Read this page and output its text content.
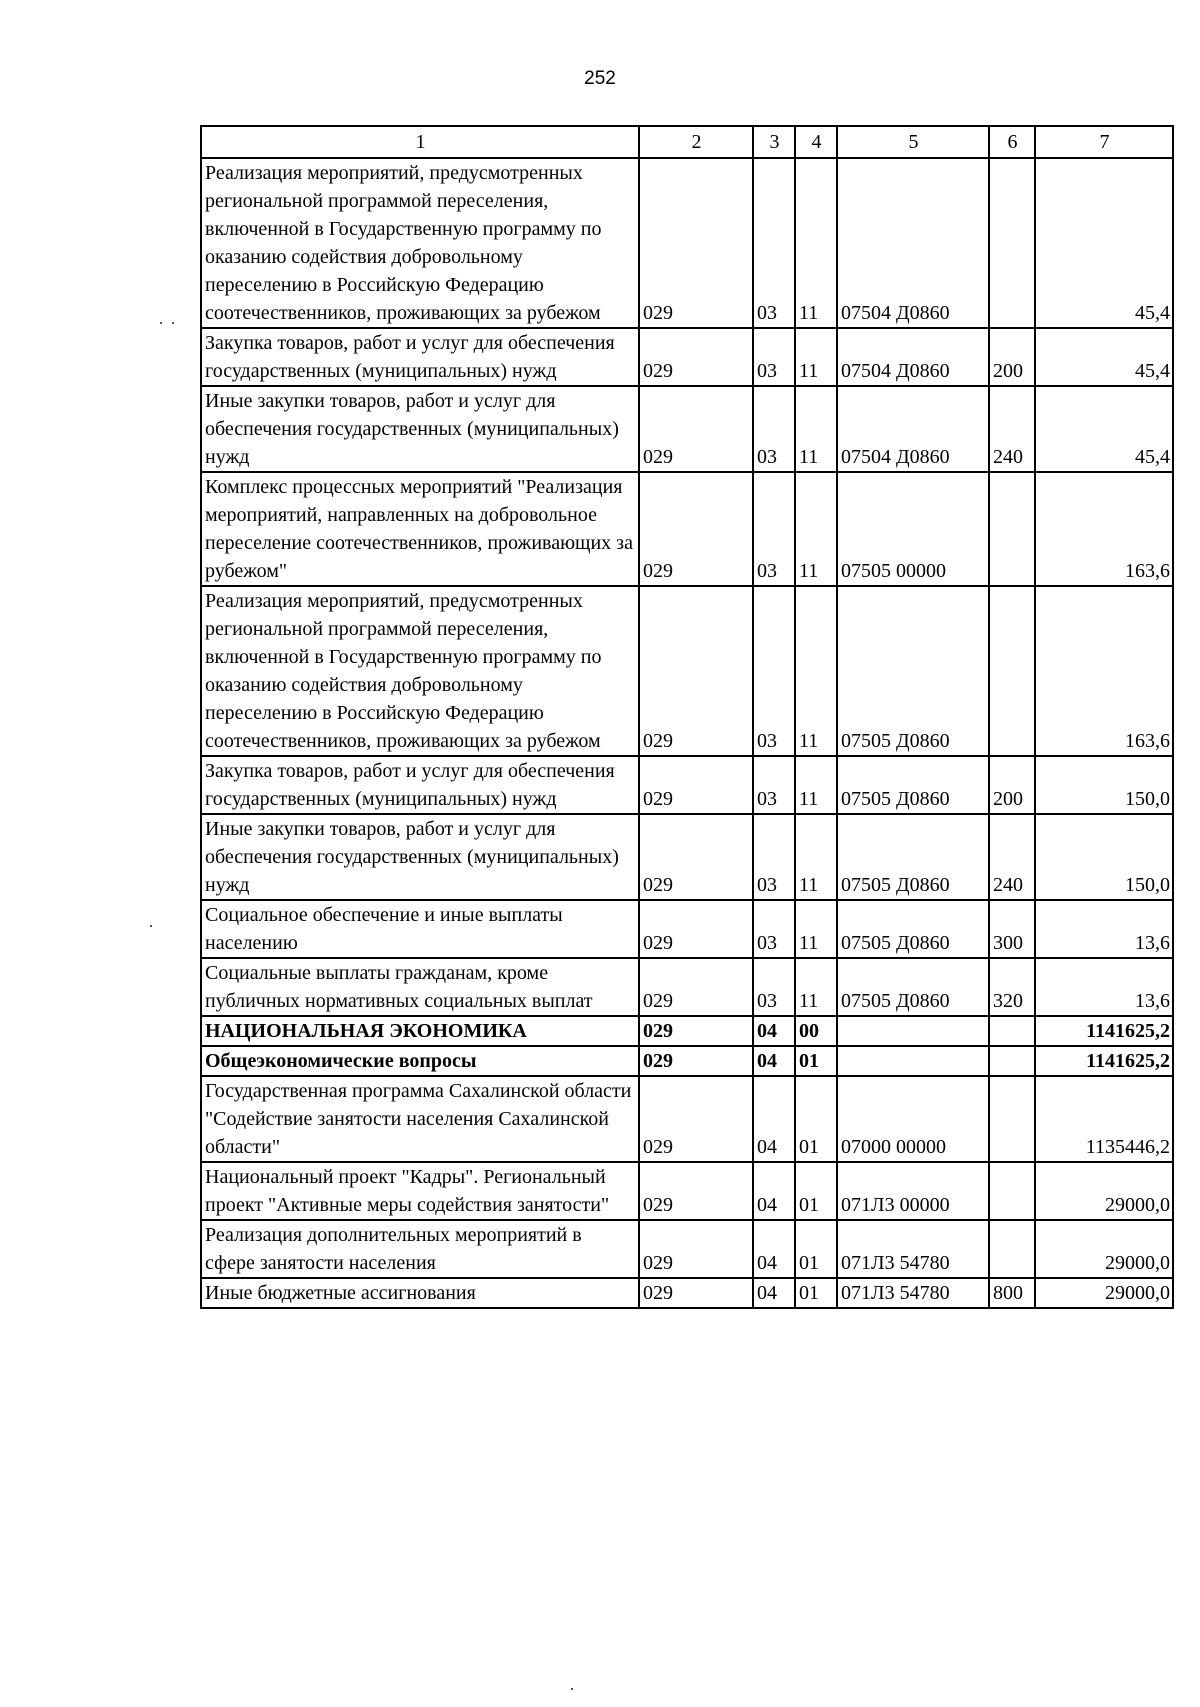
252
1	2	3	4	5	6	7
Реализация мероприятий, предусмотренных региональной программой переселения, включенной в Государственную программу по оказанию содействия добровольному переселению в Российскую Федерацию соотечественников, проживающих за рубежом	029	03	11	07504 Д0860		45,4
Закупка товаров, работ и услуг для обеспечения государственных (муниципальных) нужд	029	03	11	07504 Д0860	200	45,4
Иные закупки товаров, работ и услуг для обеспечения государственных (муниципальных) нужд	029	03	11	07504 Д0860	240	45,4
Комплекс процессных мероприятий "Реализация мероприятий, направленных на добровольное переселение соотечественников, проживающих за рубежом"	029	03	11	07505 00000		163,6
Реализация мероприятий, предусмотренных региональной программой переселения, включенной в Государственную программу по оказанию содействия добровольному переселению в Российскую Федерацию соотечественников, проживающих за рубежом	029	03	11	07505 Д0860		163,6
Закупка товаров, работ и услуг для обеспечения государственных (муниципальных) нужд	029	03	11	07505 Д0860	200	150,0
Иные закупки товаров, работ и услуг для обеспечения государственных (муниципальных) нужд	029	03	11	07505 Д0860	240	150,0
Социальное обеспечение и иные выплаты населению	029	03	11	07505 Д0860	300	13,6
Социальные выплаты гражданам, кроме публичных нормативных социальных выплат	029	03	11	07505 Д0860	320	13,6
НАЦИОНАЛЬНАЯ ЭКОНОМИКА	029	04	00			1141625,2
Общеэкономические вопросы	029	04	01			1141625,2
Государственная программа Сахалинской области "Содействие занятости населения Сахалинской области"	029	04	01	07000 00000		1135446,2
Национальный проект "Кадры". Региональный проект "Активные меры содействия занятости"	029	04	01	071Л3 00000		29000,0
Реализация дополнительных мероприятий в сфере занятости населения	029	04	01	071Л3 54780		29000,0
Иные бюджетные ассигнования	029	04	01	071Л3 54780	800	29000,0
